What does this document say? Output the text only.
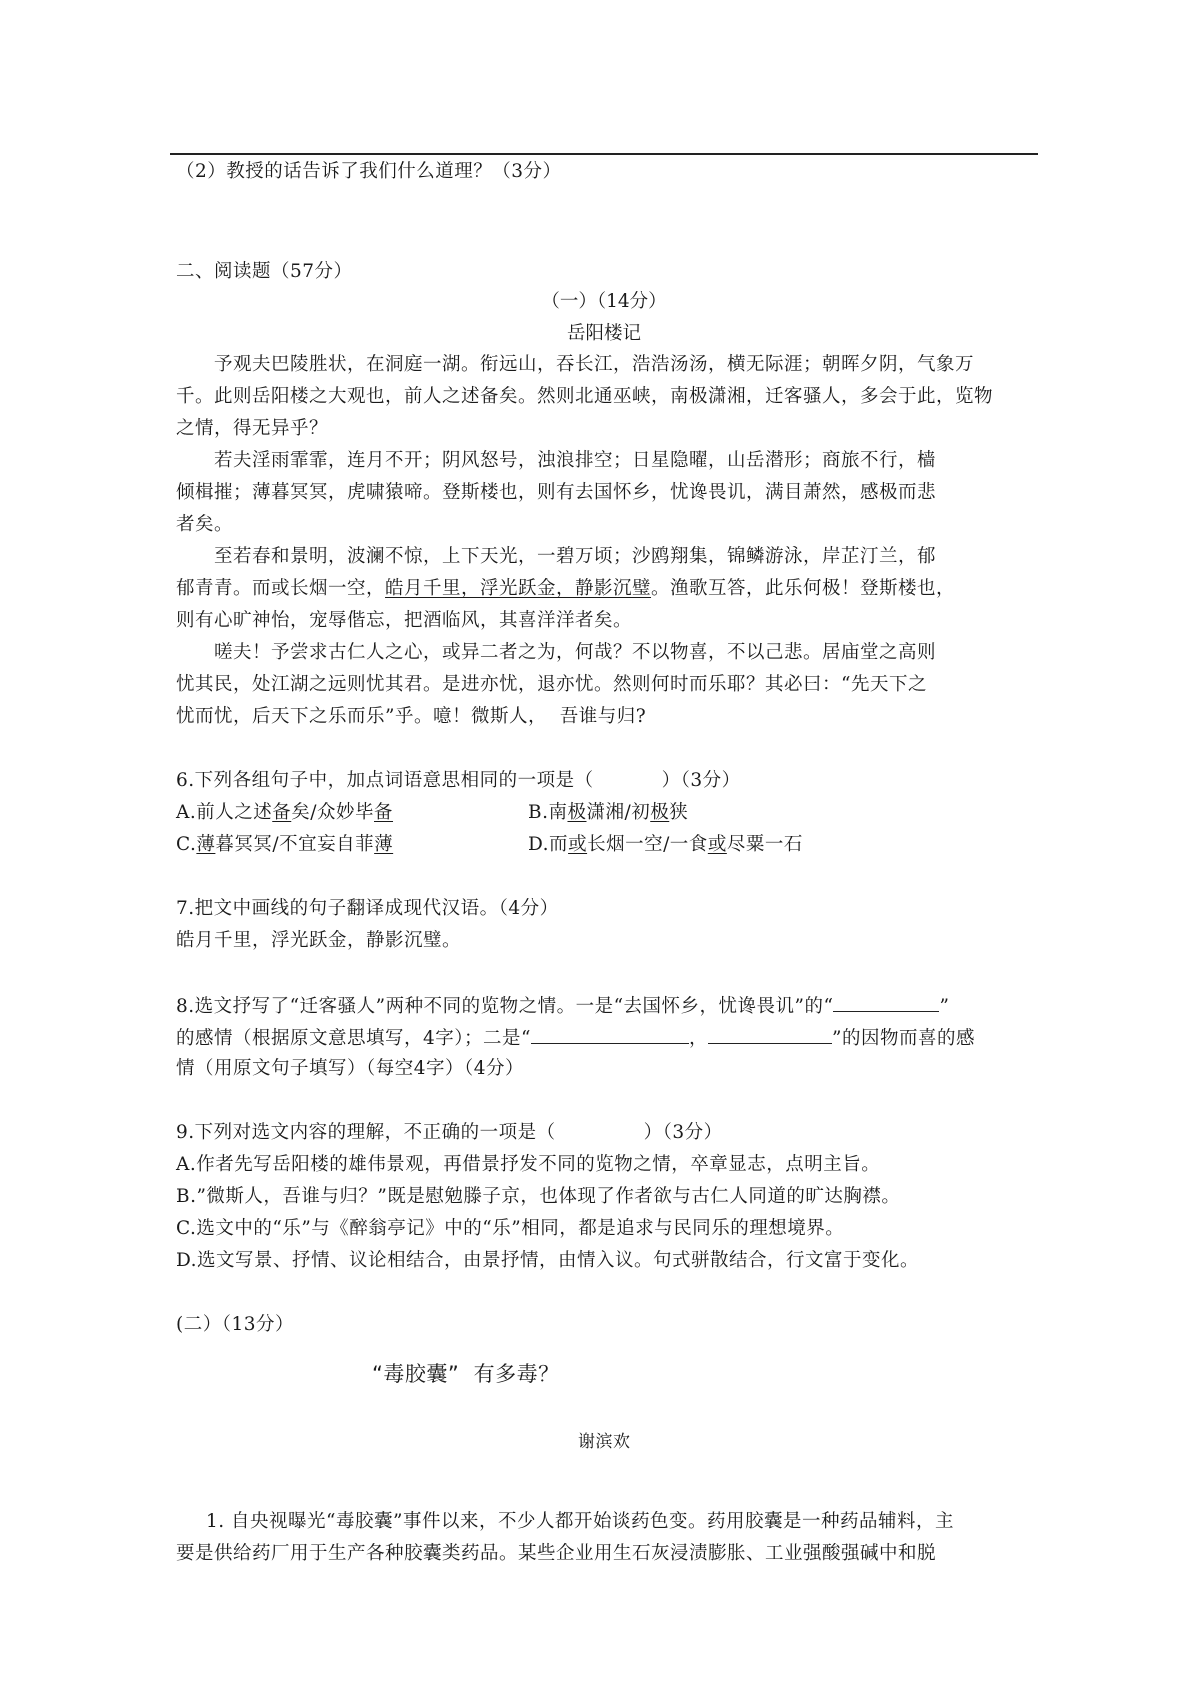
（2）教授的话告诉了我们什么道理？（3分）
二、阅读题（57分）
（一）（14分）
岳阳楼记
予观夫巴陵胜状，在洞庭一湖。衔远山，吞长江，浩浩汤汤，横无际涯；朝晖夕阴，气象万
千。此则岳阳楼之大观也，前人之述备矣。然则北通巫峡，南极潇湘，迁客骚人，多会于此，览物
之情，得无异乎？
若夫淫雨霏霏，连月不开；阴风怒号，浊浪排空；日星隐曜，山岳潜形；商旅不行，樯
倾楫摧；薄暮冥冥，虎啸猿啼。登斯楼也，则有去国怀乡，忧谗畏讥，满目萧然，感极而悲
者矣。
至若春和景明，波澜不惊，上下天光，一碧万顷；沙鸥翔集，锦鳞游泳，岸芷汀兰，郁
郁青青。而或长烟一空，皓月千里，浮光跃金，静影沉璧。渔歌互答，此乐何极！登斯楼也，
则有心旷神怡，宠辱偕忘，把酒临风，其喜洋洋者矣。
嗟夫！予尝求古仁人之心，或异二者之为，何哉？不以物喜，不以己悲。居庙堂之高则
忧其民，处江湖之远则忧其君。是进亦忧，退亦忧。然则何时而乐耶？其必曰：“先天下之
忧而忧，后天下之乐而乐”乎。噫！微斯人，  吾谁与归?
6.下列各组句子中，加点词语意思相同的一项是（	）（3分）
A.前人之述备矣/众妙毕备	B.南极潇湘/初极狭
C.薄暮冥冥/不宜妄自菲薄	D.而或长烟一空/一食或尽粟一石
7.把文中画线的句子翻译成现代汉语。（4分）
皓月千里，浮光跃金，静影沉璧。
8.选文抒写了“迁客骚人”两种不同的览物之情。一是“去国怀乡，忧谗畏讥”的“	”
的感情（根据原文意思填写，4字）；二是“	，	”的因物而喜的感
情（用原文句子填写）（每空4字）（4分）
9.下列对选文内容的理解，不正确的一项是（	）（3分）
A.作者先写岳阳楼的雄伟景观，再借景抒发不同的览物之情，卒章显志，点明主旨。
B.”微斯人，吾谁与归？”既是慰勉滕子京，也体现了作者欲与古仁人同道的旷达胸襟。
C.选文中的“乐”与《醉翁亭记》中的“乐”相同，都是追求与民同乐的理想境界。
D.选文写景、抒情、议论相结合，由景抒情，由情入议。句式骈散结合，行文富于变化。
(二）（13分）
“毒胶囊”  有多毒？
谢滨欢
1. 自央视曝光“毒胶囊”事件以来，不少人都开始谈药色变。药用胶囊是一种药品辅料，主
要是供给药厂用于生产各种胶囊类药品。某些企业用生石灰浸渍膨胀、工业强酸强碱中和脱
